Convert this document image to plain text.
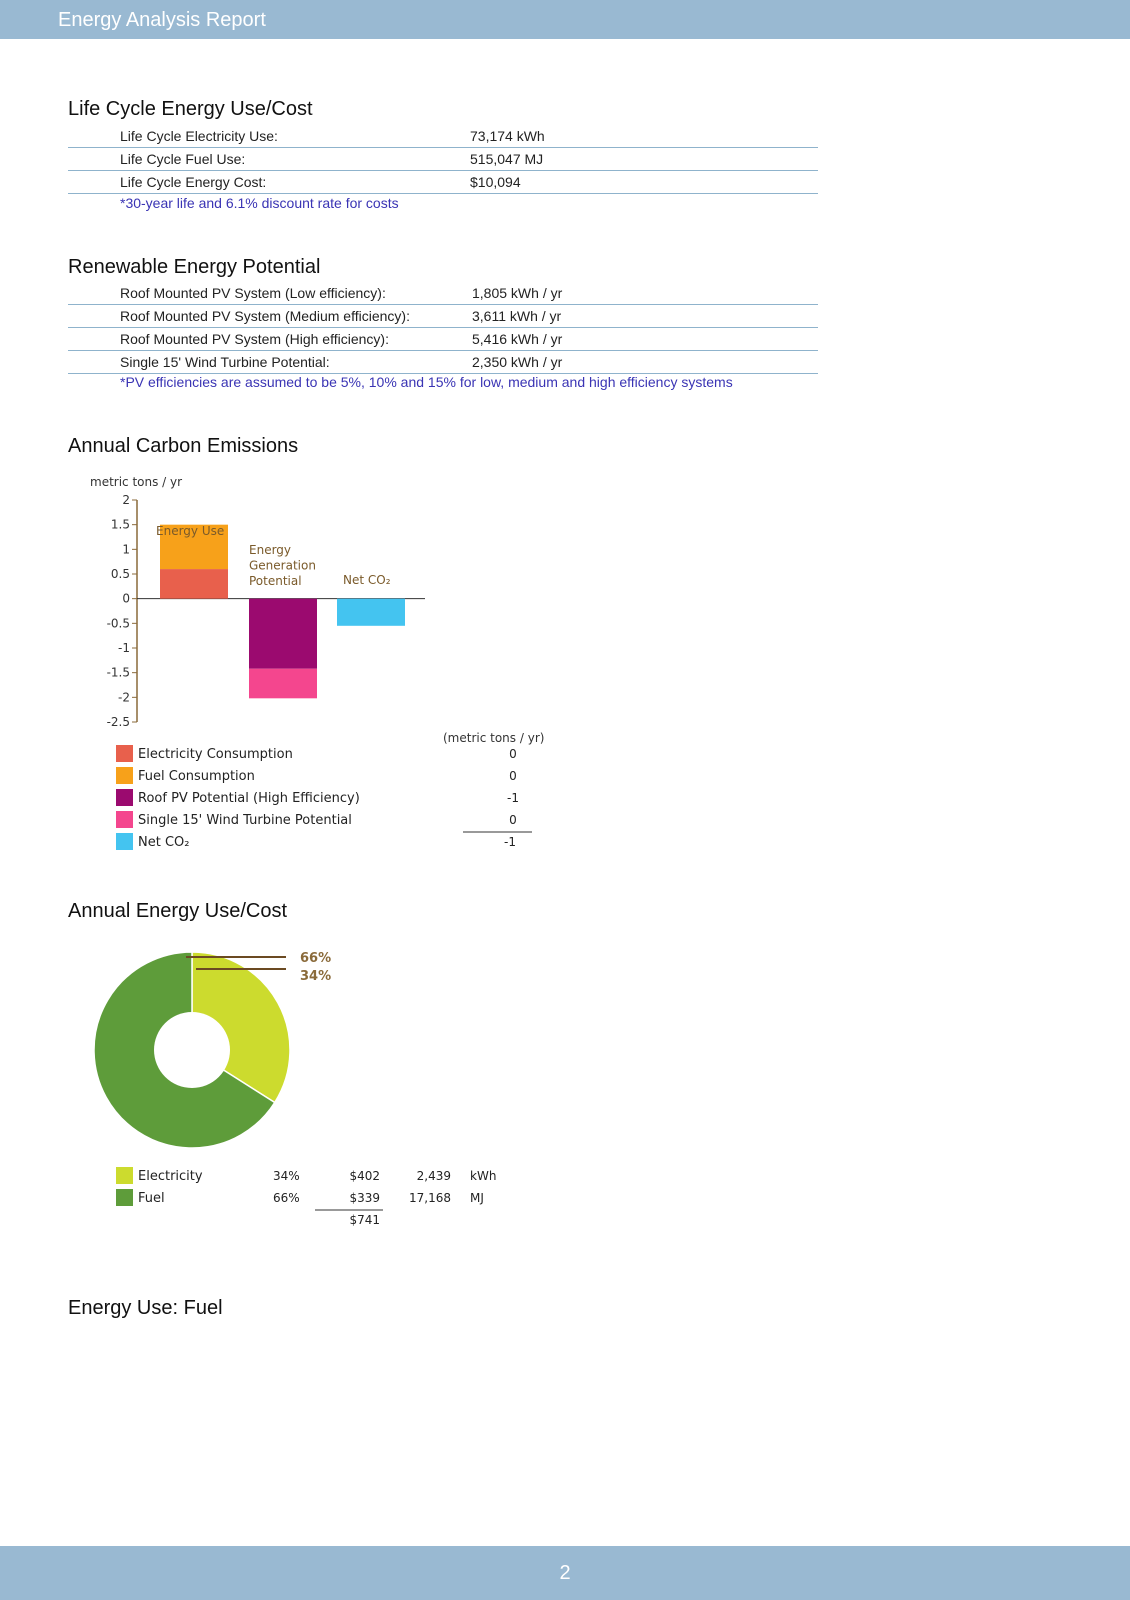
Energy Analysis Report
Life Cycle Energy Use/Cost
Life Cycle Electricity Use:	73,174 kWh
Life Cycle Fuel Use:	515,047 MJ
Life Cycle Energy Cost:	$10,094
*30-year life and 6.1% discount rate for costs
Renewable Energy Potential
Roof Mounted PV System (Low efficiency):	1,805 kWh / yr
Roof Mounted PV System (Medium efficiency):	3,611 kWh / yr
Roof Mounted PV System (High efficiency):	5,416 kWh / yr
Single 15' Wind Turbine Potential:	2,350 kWh / yr
*PV efficiencies are assumed to be 5%, 10% and 15% for low, medium and high efficiency systems
Annual Carbon Emissions
metric tons / yr
2
1.5
1
0.5
0
-0.5
-1
-1.5
-2
-2.5
Energy Use
Energy Generation Potential	Net CO₂
(metric tons / yr)
Electricity Consumption	0
Fuel Consumption	0
Roof PV Potential (High Efficiency)	-1
Single 15' Wind Turbine Potential	0
Net CO₂	-1
Annual Energy Use/Cost
66%
34%
Electricity	34%	$402	2,439 kWh
Fuel	66%	$339 17,168 MJ
$741
Energy Use: Fuel
2
